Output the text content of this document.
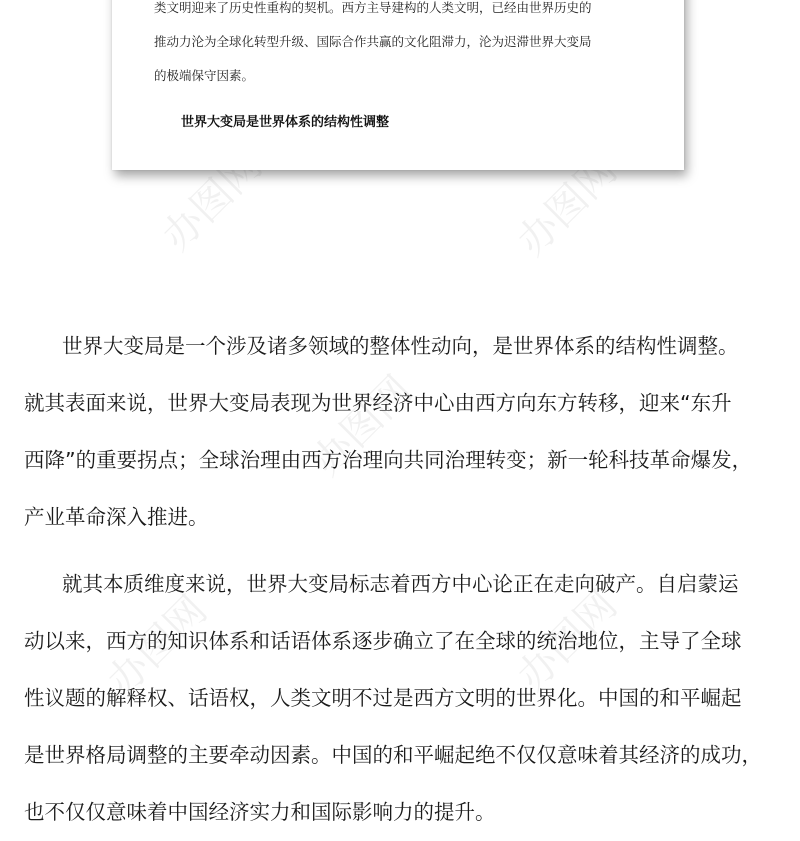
办图网	办图网
办图网
办图网	办图网

类文明迎来了历史性重构的契机。西方主导建构的人类文明，已经由世界历史的
推动力沦为全球化转型升级、国际合作共赢的文化阻滞力，沦为迟滞世界大变局
的极端保守因素。

世界大变局是世界体系的结构性调整

世界大变局是一个涉及诸多领域的整体性动向，是世界体系的结构性调整。
就其表面来说，世界大变局表现为世界经济中心由西方向东方转移，迎来“东升
西降”的重要拐点；全球治理由西方治理向共同治理转变；新一轮科技革命爆发，
产业革命深入推进。

就其本质维度来说，世界大变局标志着西方中心论正在走向破产。自启蒙运
动以来，西方的知识体系和话语体系逐步确立了在全球的统治地位，主导了全球
性议题的解释权、话语权，人类文明不过是西方文明的世界化。中国的和平崛起
是世界格局调整的主要牵动因素。中国的和平崛起绝不仅仅意味着其经济的成功，
也不仅仅意味着中国经济实力和国际影响力的提升。
